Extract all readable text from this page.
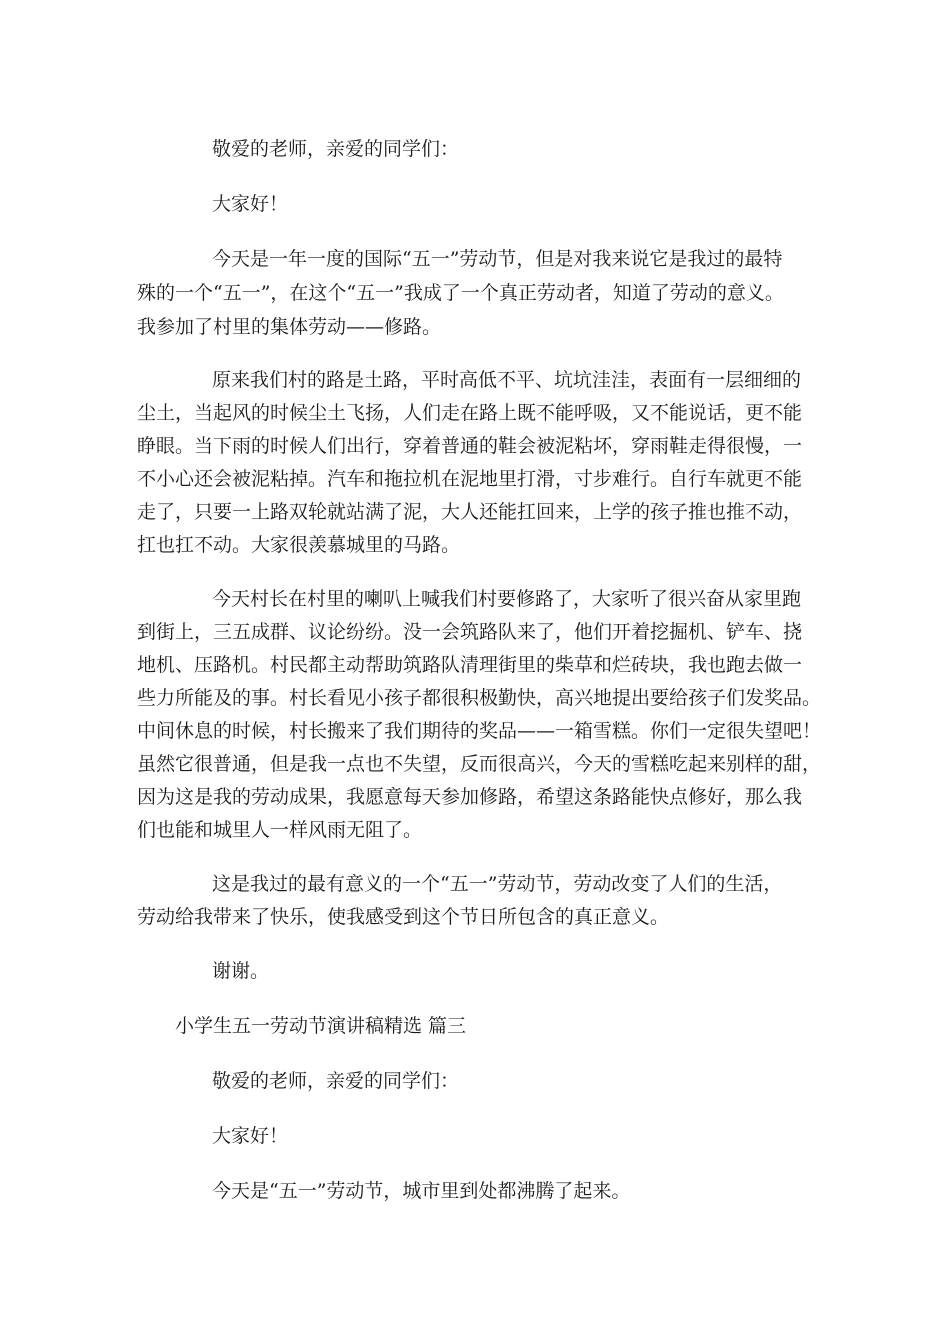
敬爱的老师，亲爱的同学们：
大家好！
今天是一年一度的国际“五一”劳动节，但是对我来说它是我过的最特
殊的一个“五一”，在这个“五一”我成了一个真正劳动者，知道了劳动的意义。
我参加了村里的集体劳动——修路。
原来我们村的路是土路，平时高低不平、坑坑洼洼，表面有一层细细的
尘土，当起风的时候尘土飞扬，人们走在路上既不能呼吸，又不能说话，更不能
睁眼。当下雨的时候人们出行，穿着普通的鞋会被泥粘坏，穿雨鞋走得很慢，一
不小心还会被泥粘掉。汽车和拖拉机在泥地里打滑，寸步难行。自行车就更不能
走了，只要一上路双轮就站满了泥，大人还能扛回来，上学的孩子推也推不动，
扛也扛不动。大家很羡慕城里的马路。
今天村长在村里的喇叭上喊我们村要修路了，大家听了很兴奋从家里跑
到街上，三五成群、议论纷纷。没一会筑路队来了，他们开着挖掘机、铲车、挠
地机、压路机。村民都主动帮助筑路队清理街里的柴草和烂砖块，我也跑去做一
些力所能及的事。村长看见小孩子都很积极勤快，高兴地提出要给孩子们发奖品。
中间休息的时候，村长搬来了我们期待的奖品——一箱雪糕。你们一定很失望吧！
虽然它很普通，但是我一点也不失望，反而很高兴，今天的雪糕吃起来别样的甜，
因为这是我的劳动成果，我愿意每天参加修路，希望这条路能快点修好，那么我
们也能和城里人一样风雨无阻了。
这是我过的最有意义的一个“五一”劳动节，劳动改变了人们的生活，
劳动给我带来了快乐，使我感受到这个节日所包含的真正意义。
谢谢。
小学生五一劳动节演讲稿精选 篇三
敬爱的老师，亲爱的同学们：
大家好！
今天是“五一”劳动节，城市里到处都沸腾了起来。
